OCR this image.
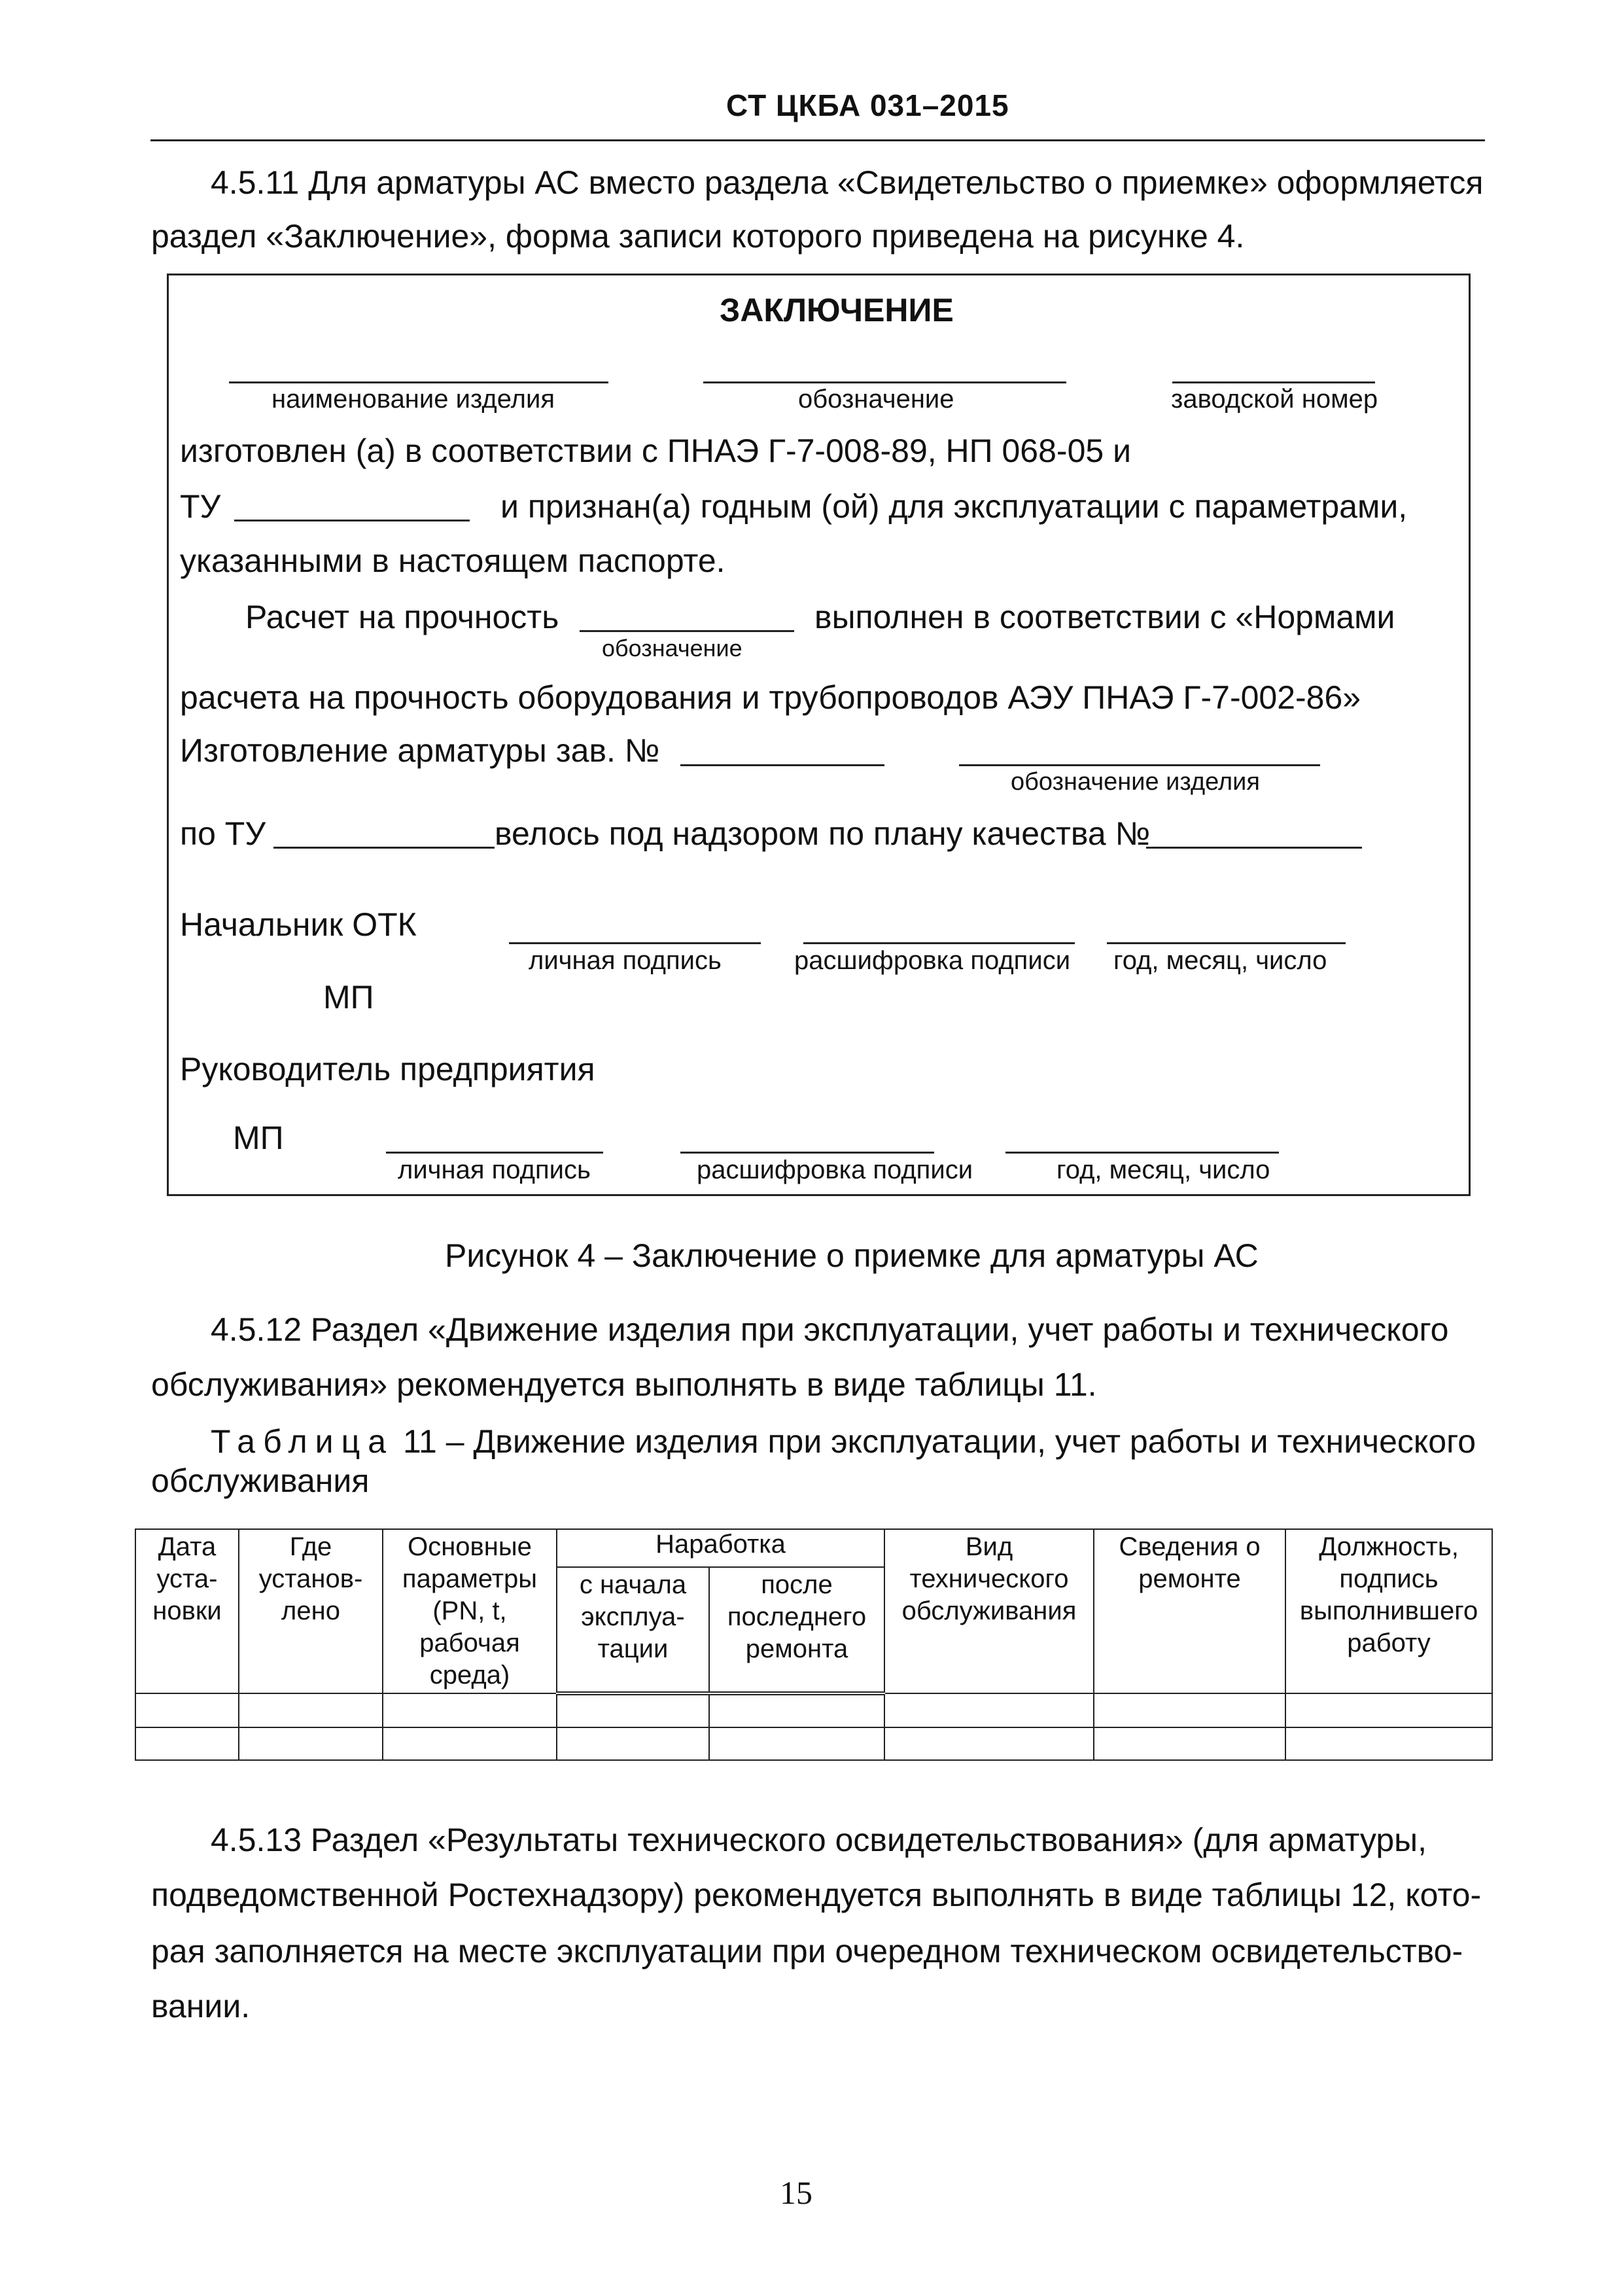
СТ ЦКБА 031–2015
4.5.11 Для арматуры АС вместо раздела «Свидетельство о приемке» оформляется
раздел «Заключение», форма записи которого приведена на рисунке 4.
ЗАКЛЮЧЕНИЕ
наименование изделия	обозначение	заводской номер
изготовлен (а) в соответствии с ПНАЭ Г-7-008-89, НП 068-05 и
ТУ	и признан(а) годным (ой) для эксплуатации с параметрами,
указанными в настоящем паспорте.
Расчет на прочность	выполнен в соответствии с «Нормами
обозначение
расчета на прочность оборудования и трубопроводов АЭУ ПНАЭ Г-7-002-86»
Изготовление арматуры зав. №
обозначение изделия
по ТУ	велось под надзором по плану качества №
Начальник ОТК
личная подпись	расшифровка подписи год, месяц, число
МП
Руководитель предприятия
МП
личная подпись	расшифровка подписи	год, месяц, число
Рисунок 4 – Заключение о приемке для арматуры АС
4.5.12 Раздел «Движение изделия при эксплуатации, учет работы и технического
обслуживания» рекомендуется выполнять в виде таблицы 11.
Таблица 11 – Движение изделия при эксплуатации, учет работы и технического
обслуживания
Дата уста-новки	Где установ-лено	Основные параметры (PN, t, рабочая среда)	Наработка		Вид технического обслуживания	Сведения о ремонте	Должность, подпись выполнившего работу
			с начала эксплуа-тации	после последнего ремонта			

4.5.13 Раздел «Результаты технического освидетельствования» (для арматуры,
подведомственной Ростехнадзору) рекомендуется выполнять в виде таблицы 12, кото-
рая заполняется на месте эксплуатации при очередном техническом освидетельство-
вании.
15
